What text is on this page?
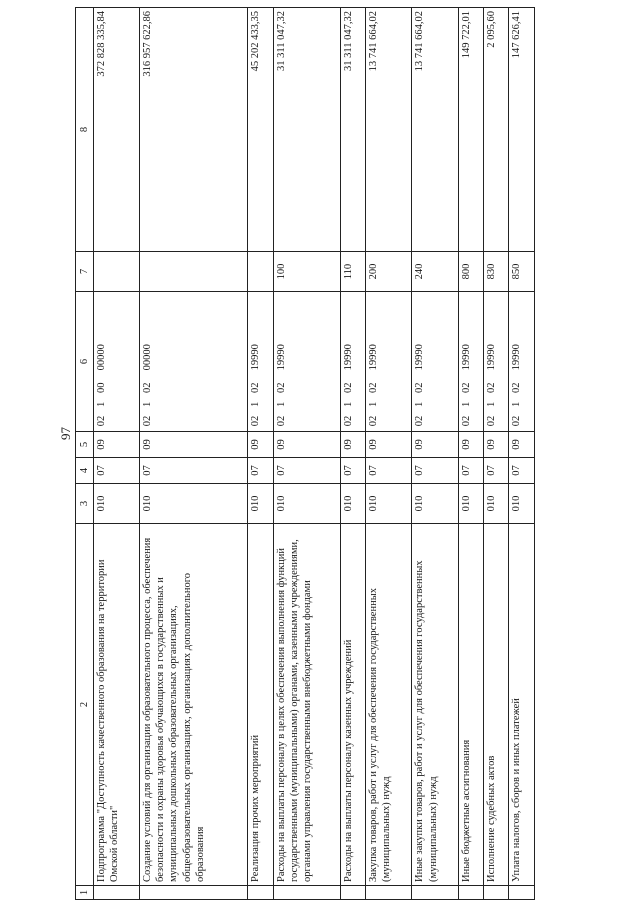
97
1	2	3	4	5	6	7	8
	Подпрограмма "Доступность качественного образования на территории Омской области"	010	07	09	02 1 00 00000		372 828 335,84
	Создание условий для организации образовательного процесса, обеспечения безопасности и охраны здоровья обучающихся в государственных и муниципальных дошкольных образовательных организациях, общеобразовательных организациях, организациях дополнительного образования	010	07	09	02 1 02 00000		316 957 622,86
	Реализация прочих мероприятий	010	07	09	02 1 02 19990		45 202 433,35
	Расходы на выплаты персоналу в целях обеспечения выполнения функций государственными (муниципальными) органами, казенными учреждениями, органами управления государственными внебюджетными фондами	010	07	09	02 1 02 19990	100	31 311 047,32
	Расходы на выплаты персоналу казенных учреждений	010	07	09	02 1 02 19990	110	31 311 047,32
	Закупка товаров, работ и услуг для обеспечения государственных (муниципальных) нужд	010	07	09	02 1 02 19990	200	13 741 664,02
	Иные закупки товаров, работ и услуг для обеспечения государственных (муниципальных) нужд	010	07	09	02 1 02 19990	240	13 741 664,02
	Иные бюджетные ассигнования	010	07	09	02 1 02 19990	800	149 722,01
	Исполнение судебных актов	010	07	09	02 1 02 19990	830	2 095,60
	Уплата налогов, сборов и иных платежей	010	07	09	02 1 02 19990	850	147 626,41
